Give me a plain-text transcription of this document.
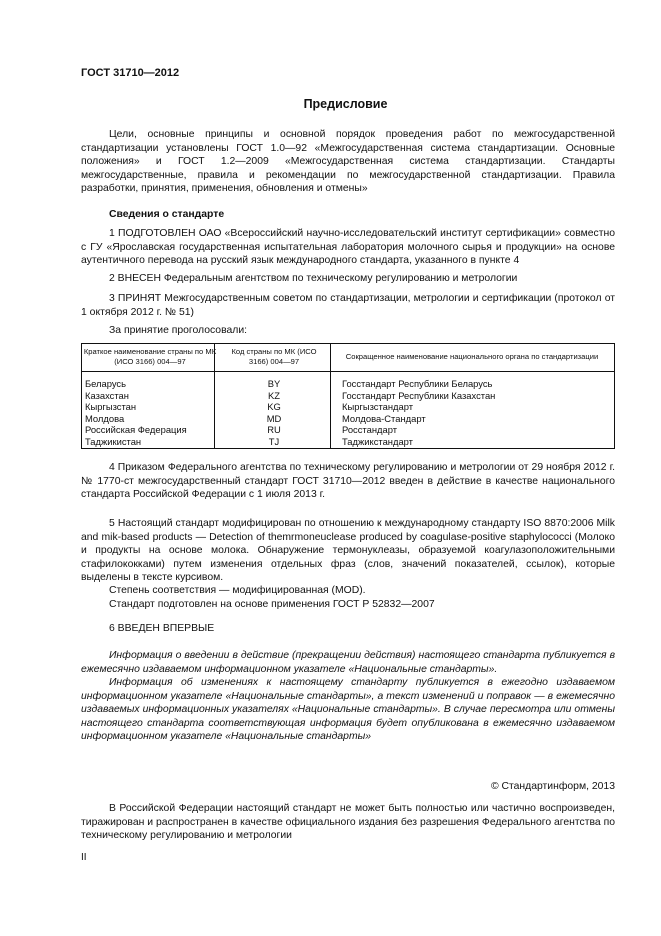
ГОСТ 31710—2012
Предисловие
Цели, основные принципы и основной порядок проведения работ по межгосударственной стандартизации установлены ГОСТ 1.0—92 «Межгосударственная система стандартизации. Основные положения» и ГОСТ 1.2—2009 «Межгосударственная система стандартизации. Стандарты межгосударственные, правила и рекомендации по межгосударственной стандартизации. Правила разработки, принятия, применения, обновления и отмены»
Сведения о стандарте
1 ПОДГОТОВЛЕН ОАО «Всероссийский научно-исследовательский институт сертификации» совместно с ГУ «Ярославская государственная испытательная лаборатория молочного сырья и продукции» на основе аутентичного перевода на русский язык международного стандарта, указанного в пункте 4
2 ВНЕСЕН Федеральным агентством по техническому регулированию и метрологии
3 ПРИНЯТ Межгосударственным советом по стандартизации, метрологии и сертификации (протокол от 1 октября 2012 г. № 51)
За принятие проголосовали:
Краткое наименование страны по МК (ИСО 3166) 004—97	Код страны по МК (ИСО 3166) 004—97	Сокращенное наименование национального органа по стандартизации

Беларусь	BY	Госстандарт Республики Беларусь
Казахстан	KZ	Госстандарт Республики Казахстан
Кыргызстан	KG	Кыргызстандарт
Молдова	MD	Молдова-Стандарт
Российская Федерация	RU	Росстандарт
Таджикистан	TJ	Таджикстандарт
4 Приказом Федерального агентства по техническому регулированию и метрологии от 29 ноября 2012 г. № 1770-ст межгосударственный стандарт ГОСТ 31710—2012 введен в действие в качестве национального стандарта Российской Федерации с 1 июля 2013 г.
5 Настоящий стандарт модифицирован по отношению к международному стандарту ISO 8870:2006 Milk and mik-based products — Detection of themrmoneuclease produced by coagulase-positive staphylococci (Молоко и продукты на основе молока. Обнаружение термонуклеазы, образуемой коагулазоположительными стафилококками) путем изменения отдельных фраз (слов, значений показателей, ссылок), которые выделены в тексте курсивом.
Степень соответствия — модифицированная (MOD).
Стандарт подготовлен на основе применения ГОСТ Р 52832—2007
6 ВВЕДЕН ВПЕРВЫЕ
Информация о введении в действие (прекращении действия) настоящего стандарта публикуется в ежемесячно издаваемом информационном указателе «Национальные стандарты».
Информация об изменениях к настоящему стандарту публикуется в ежегодно издаваемом информационном указателе «Национальные стандарты», а текст изменений и поправок — в ежемесячно издаваемых информационных указателях «Национальные стандарты». В случае пересмотра или отмены настоящего стандарта соответствующая информация будет опубликована в ежемесячно издаваемом информационном указателе «Национальные стандарты»
© Стандартинформ, 2013
В Российской Федерации настоящий стандарт не может быть полностью или частично воспроизведен, тиражирован и распространен в качестве официального издания без разрешения Федерального агентства по техническому регулированию и метрологии
II
